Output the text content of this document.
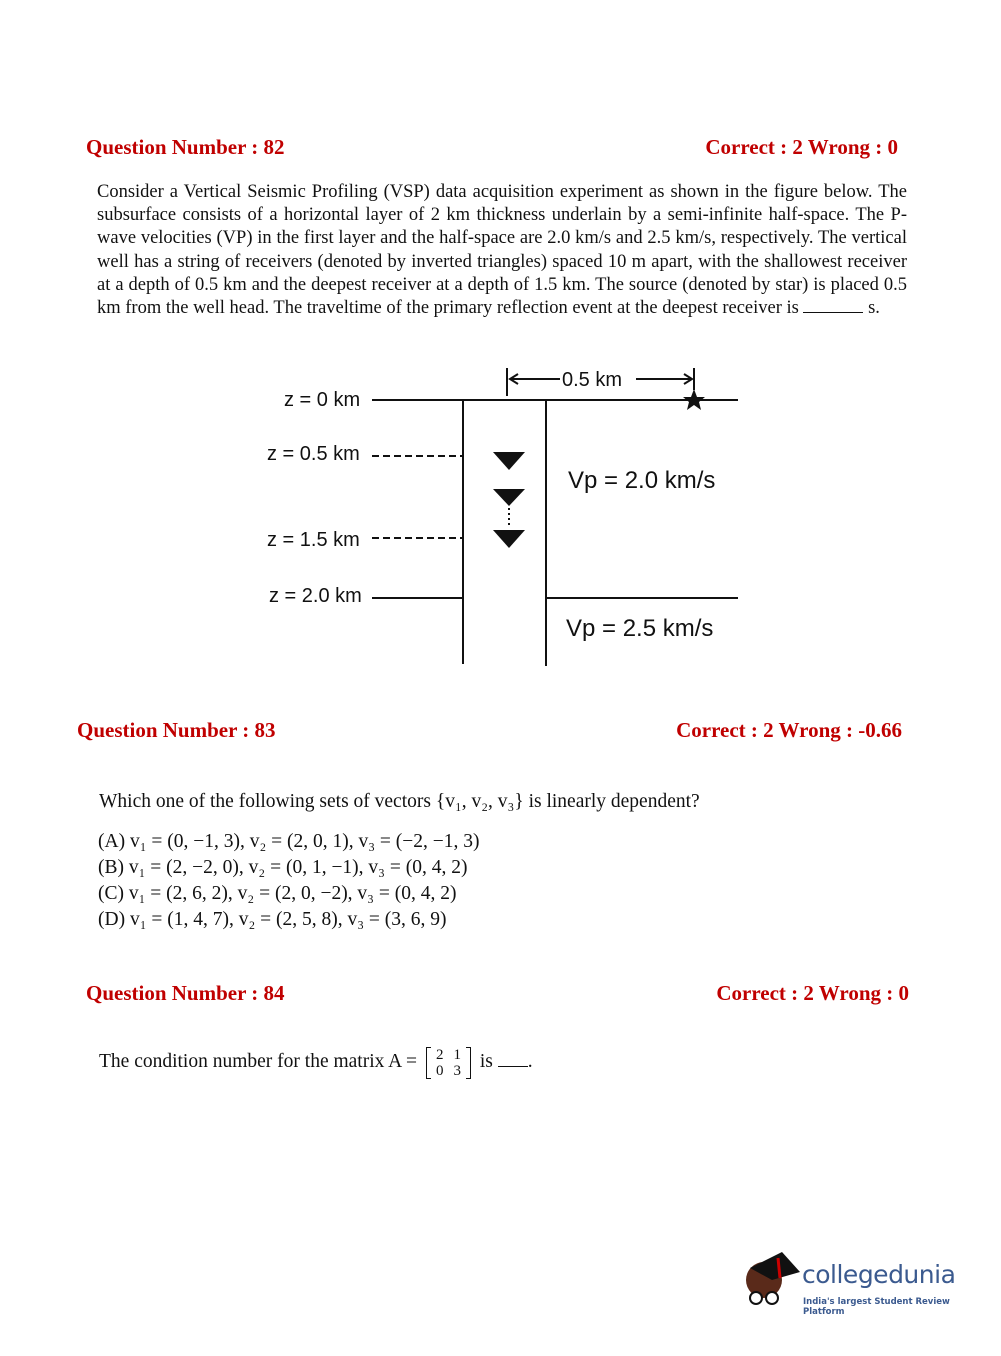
Question Number : 82	Correct : 2 Wrong : 0
Consider a Vertical Seismic Profiling (VSP) data acquisition experiment as shown in the figure below. The subsurface consists of a horizontal layer of 2 km thickness underlain by a semi-infinite half-space. The P-wave velocities (VP) in the first layer and the half-space are 2.0 km/s and 2.5 km/s, respectively. The vertical well has a string of receivers (denoted by inverted triangles) spaced 10 m apart, with the shallowest receiver at a depth of 0.5 km and the deepest receiver at a depth of 1.5 km. The source (denoted by star) is placed 0.5 km from the well head. The traveltime of the primary reflection event at the deepest receiver is	s.
z = 0 km
z = 0.5 km
z = 1.5 km
z = 2.0 km
0.5 km
Vp = 2.0 km/s
Vp = 2.5 km/s
Question Number : 83	Correct : 2 Wrong : -0.66
Which one of the following sets of vectors {v₁, v₂, v₃} is linearly dependent?
(A) v₁ = (0, −1, 3), v₂ = (2, 0, 1), v₃ = (−2, −1, 3)
(B) v₁ = (2, −2, 0), v₂ = (0, 1, −1), v₃ = (0, 4, 2)
(C) v₁ = (2, 6, 2), v₂ = (2, 0, −2), v₃ = (0, 4, 2)
(D) v₁ = (1, 4, 7), v₂ = (2, 5, 8), v₃ = (3, 6, 9)
Question Number : 84	Correct : 2 Wrong : 0
The condition number for the matrix A = 2	1
0	3 is .
collegedunia
India's largest Student Review Platform
